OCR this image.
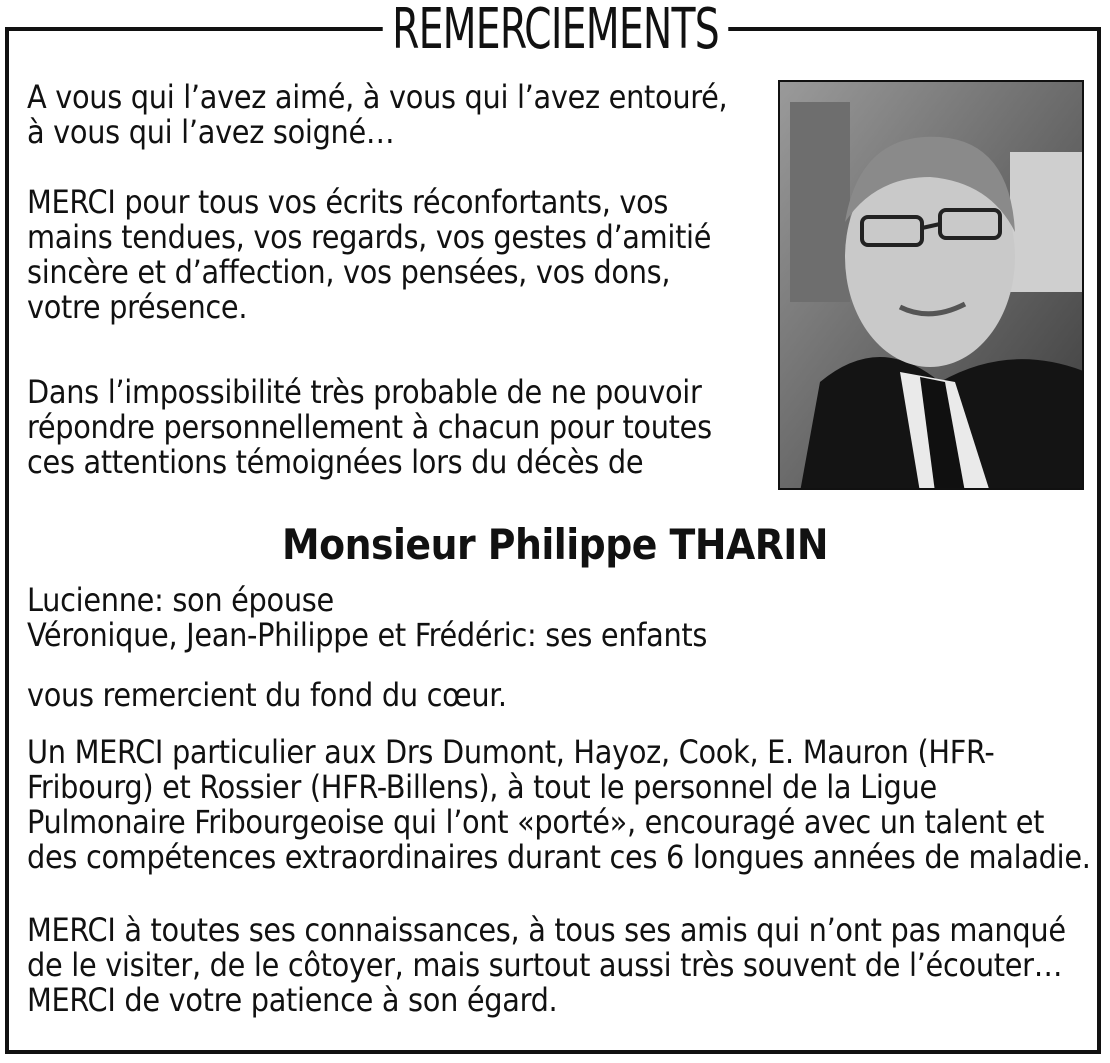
REMERCIEMENTS
A vous qui l’avez aimé, à vous qui l’avez entouré,
à vous qui l’avez soigné…
MERCI pour tous vos écrits réconfortants, vos
mains tendues, vos regards, vos gestes d’amitié
sincère et d’affection, vos pensées, vos dons,
votre présence.
Dans l’impossibilité très probable de ne pouvoir
répondre personnellement à chacun pour toutes
ces attentions témoignées lors du décès de
Monsieur Philippe THARIN
Lucienne: son épouse
Véronique, Jean-Philippe et Frédéric: ses enfants
vous remercient du fond du cœur.
Un MERCI particulier aux Drs Dumont, Hayoz, Cook, E. Mauron (HFR-
Fribourg) et Rossier (HFR-Billens), à tout le personnel de la Ligue
Pulmonaire Fribourgeoise qui l’ont «porté», encouragé avec un talent et
des compétences extraordinaires durant ces 6 longues années de maladie.
MERCI à toutes ses connaissances, à tous ses amis qui n’ont pas manqué
de le visiter, de le côtoyer, mais surtout aussi très souvent de l’écouter…
MERCI de votre patience à son égard.
